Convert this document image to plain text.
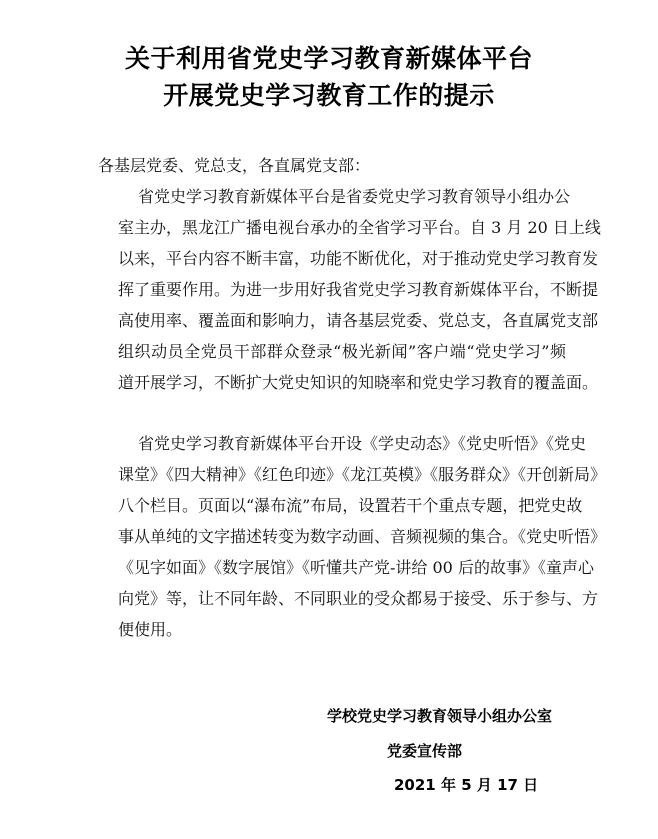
关于利用省党史学习教育新媒体平台
开展党史学习教育工作的提示
各基层党委、党总支，各直属党支部：
省党史学习教育新媒体平台是省委党史学习教育领导小组办公
室主办，黑龙江广播电视台承办的全省学习平台。自 3 月 20 日上线
以来，平台内容不断丰富，功能不断优化，对于推动党史学习教育发
挥了重要作用。为进一步用好我省党史学习教育新媒体平台，不断提
高使用率、覆盖面和影响力，请各基层党委、党总支，各直属党支部
组织动员全党员干部群众登录“极光新闻”客户端“党史学习”频
道开展学习，不断扩大党史知识的知晓率和党史学习教育的覆盖面。
省党史学习教育新媒体平台开设《学史动态》《党史听悟》《党史
课堂》《四大精神》《红色印迹》《龙江英模》《服务群众》《开创新局》
八个栏目。页面以“瀑布流”布局，设置若干个重点专题，把党史故
事从单纯的文字描述转变为数字动画、音频视频的集合。《党史听悟》
《见字如面》《数字展馆》《听懂共产党-讲给 00 后的故事》《童声心
向党》等，让不同年龄、不同职业的受众都易于接受、乐于参与、方
便使用。
学校党史学习教育领导小组办公室
党委宣传部
2021 年 5 月 17 日
